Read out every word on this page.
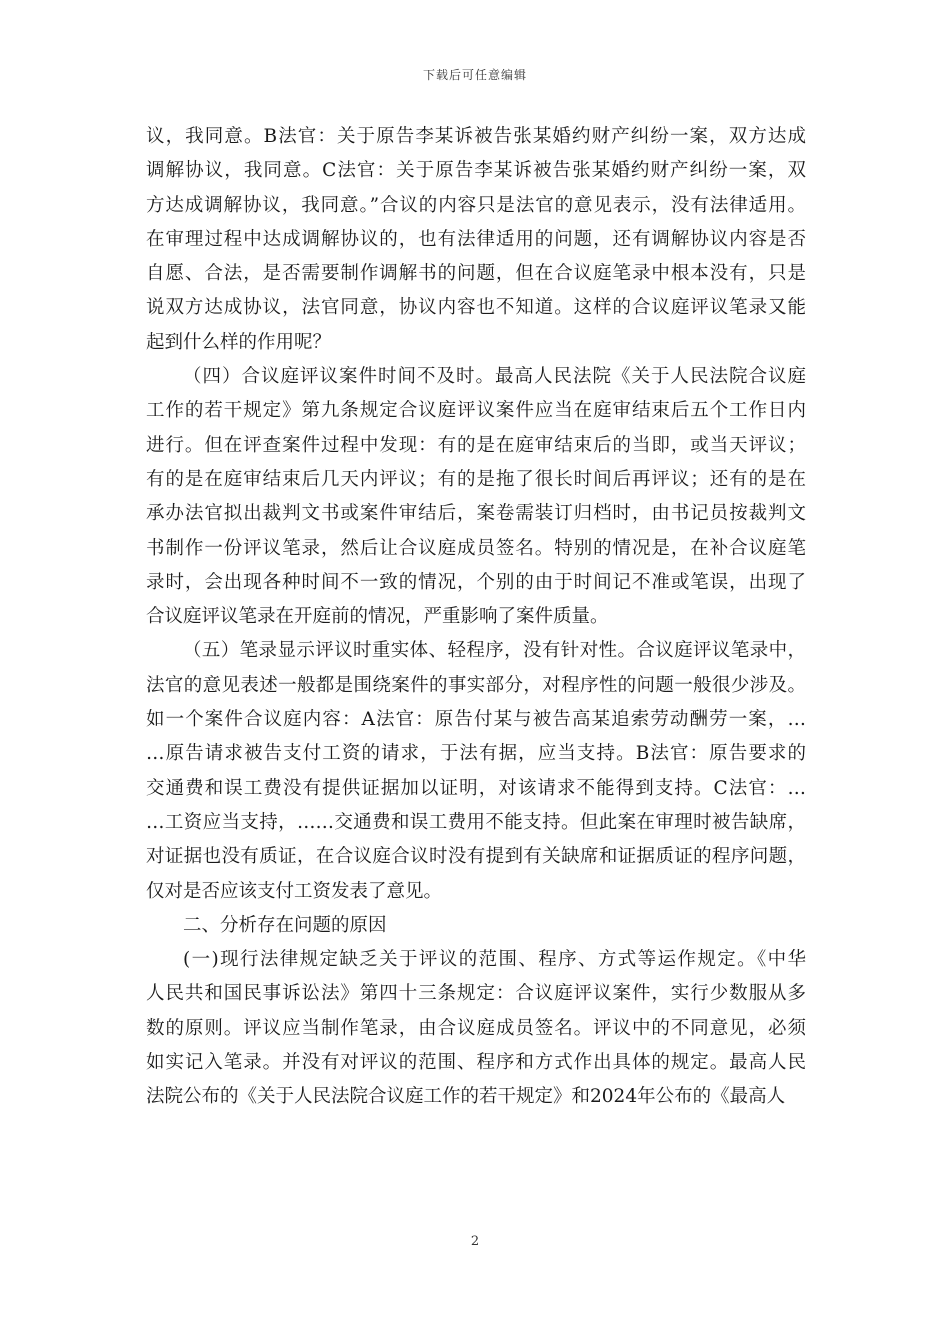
下载后可任意编辑
议，我同意。B法官：关于原告李某诉被告张某婚约财产纠纷一案，双方达成
调解协议，我同意。C法官：关于原告李某诉被告张某婚约财产纠纷一案，双
方达成调解协议，我同意。”合议的内容只是法官的意见表示，没有法律适用。
在审理过程中达成调解协议的，也有法律适用的问题，还有调解协议内容是否
自愿、合法，是否需要制作调解书的问题，但在合议庭笔录中根本没有，只是
说双方达成协议，法官同意，协议内容也不知道。这样的合议庭评议笔录又能
起到什么样的作用呢？
（四）合议庭评议案件时间不及时。最高人民法院《关于人民法院合议庭
工作的若干规定》第九条规定合议庭评议案件应当在庭审结束后五个工作日内
进行。但在评查案件过程中发现：有的是在庭审结束后的当即，或当天评议；
有的是在庭审结束后几天内评议；有的是拖了很长时间后再评议；还有的是在
承办法官拟出裁判文书或案件审结后，案卷需装订归档时，由书记员按裁判文
书制作一份评议笔录，然后让合议庭成员签名。特别的情况是，在补合议庭笔
录时，会出现各种时间不一致的情况，个别的由于时间记不准或笔误，出现了
合议庭评议笔录在开庭前的情况，严重影响了案件质量。
（五）笔录显示评议时重实体、轻程序，没有针对性。合议庭评议笔录中，
法官的意见表述一般都是围绕案件的事实部分，对程序性的问题一般很少涉及。
如一个案件合议庭内容：A法官：原告付某与被告高某追索劳动酬劳一案，…
…原告请求被告支付工资的请求，于法有据，应当支持。B法官：原告要求的
交通费和误工费没有提供证据加以证明，对该请求不能得到支持。C法官：…
…工资应当支持，……交通费和误工费用不能支持。但此案在审理时被告缺席，
对证据也没有质证，在合议庭合议时没有提到有关缺席和证据质证的程序问题，
仅对是否应该支付工资发表了意见。
二、分析存在问题的原因
(一)现行法律规定缺乏关于评议的范围、程序、方式等运作规定。《中华
人民共和国民事诉讼法》第四十三条规定：合议庭评议案件，实行少数服从多
数的原则。评议应当制作笔录，由合议庭成员签名。评议中的不同意见，必须
如实记入笔录。并没有对评议的范围、程序和方式作出具体的规定。最高人民
法院公布的《关于人民法院合议庭工作的若干规定》和2024年公布的《最高人
2
